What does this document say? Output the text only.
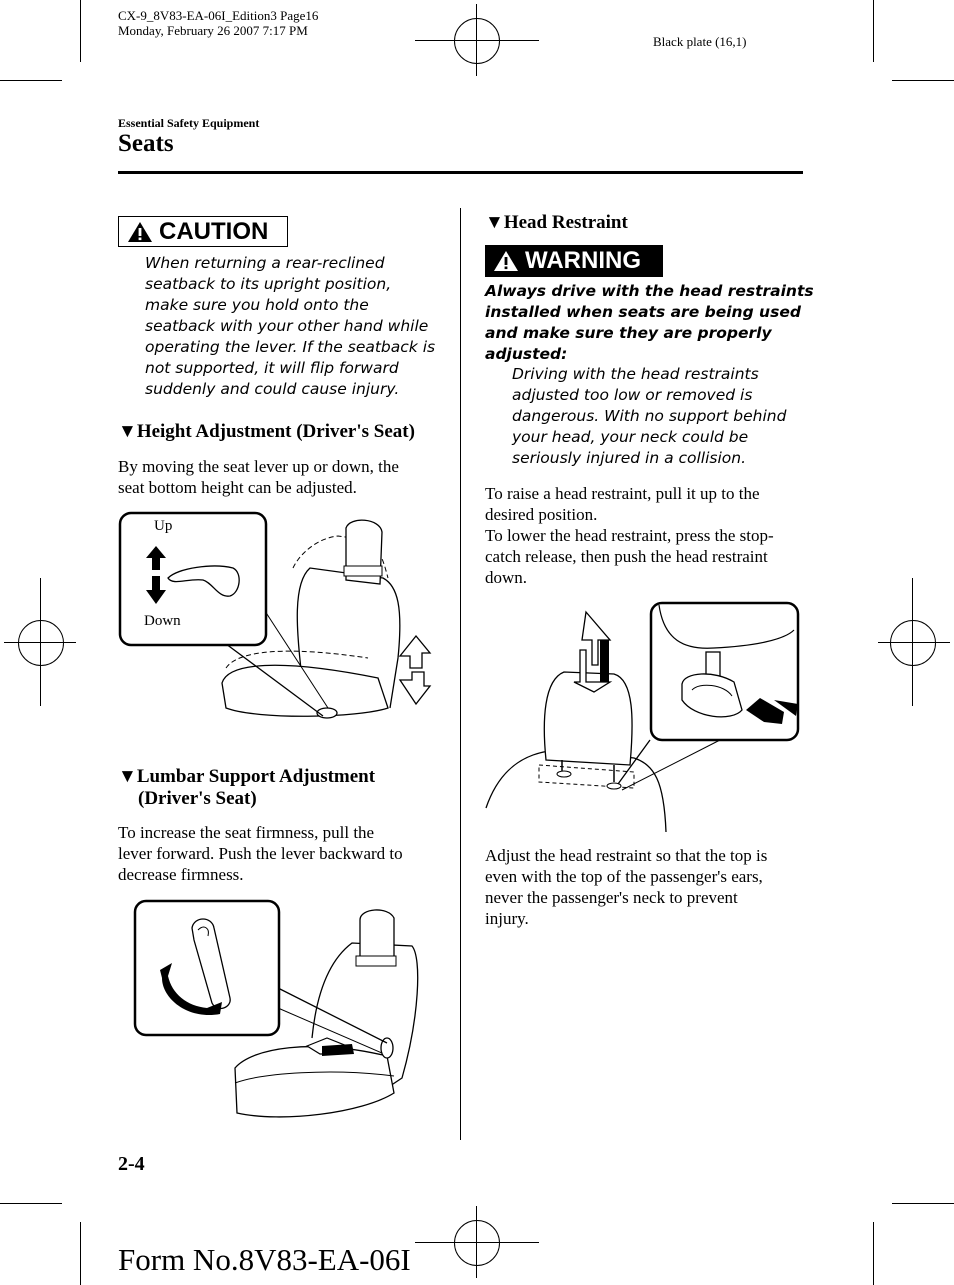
CX-9_8V83-EA-06I_Edition3 Page16
Monday, February 26 2007 7:17 PM
Black plate (16,1)
Essential Safety Equipment
Seats
CAUTION
When returning a rear-reclined
seatback to its upright position,
make sure you hold onto the
seatback with your other hand while
operating the lever. If the seatback is
not supported, it will flip forward
suddenly and could cause injury.
▼Height Adjustment (Driver's Seat)
By moving the seat lever up or down, the
seat bottom height can be adjusted.
Up
Down
▼Lumbar Support Adjustment
(Driver's Seat)
To increase the seat firmness, pull the
lever forward. Push the lever backward to
decrease firmness.
▼Head Restraint
WARNING
Always drive with the head restraints
installed when seats are being used
and make sure they are properly
adjusted:
Driving with the head restraints
adjusted too low or removed is
dangerous. With no support behind
your head, your neck could be
seriously injured in a collision.
To raise a head restraint, pull it up to the
desired position.
To lower the head restraint, press the stop-
catch release, then push the head restraint
down.
Adjust the head restraint so that the top is
even with the top of the passenger's ears,
never the passenger's neck to prevent
injury.
2-4
Form No.8V83-EA-06I
